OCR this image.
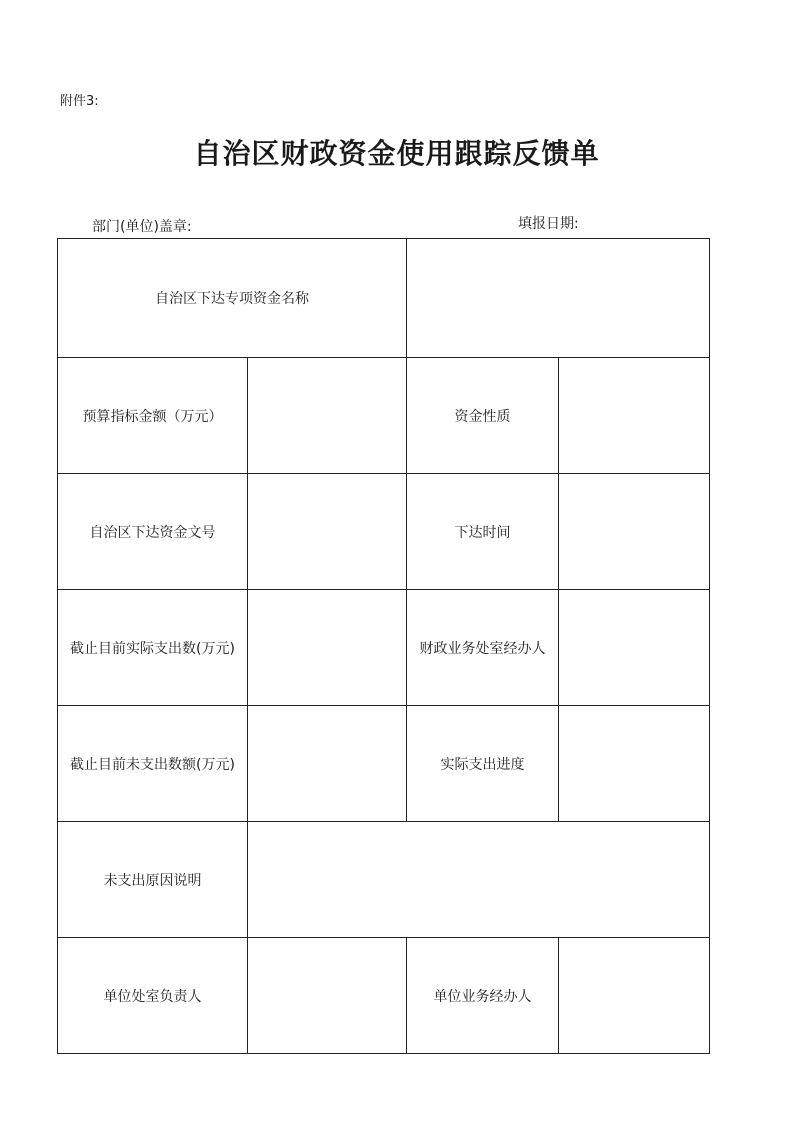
附件3:
自治区财政资金使用跟踪反馈单
部门(单位)盖章:	填报日期:
自治区下达专项资金名称			
预算指标金额（万元）		资金性质	
自治区下达资金文号		下达时间	
截止目前实际支出数(万元)		财政业务处室经办人	
截止目前未支出数额(万元)		实际支出进度	
未支出原因说明			
单位处室负责人		单位业务经办人	
